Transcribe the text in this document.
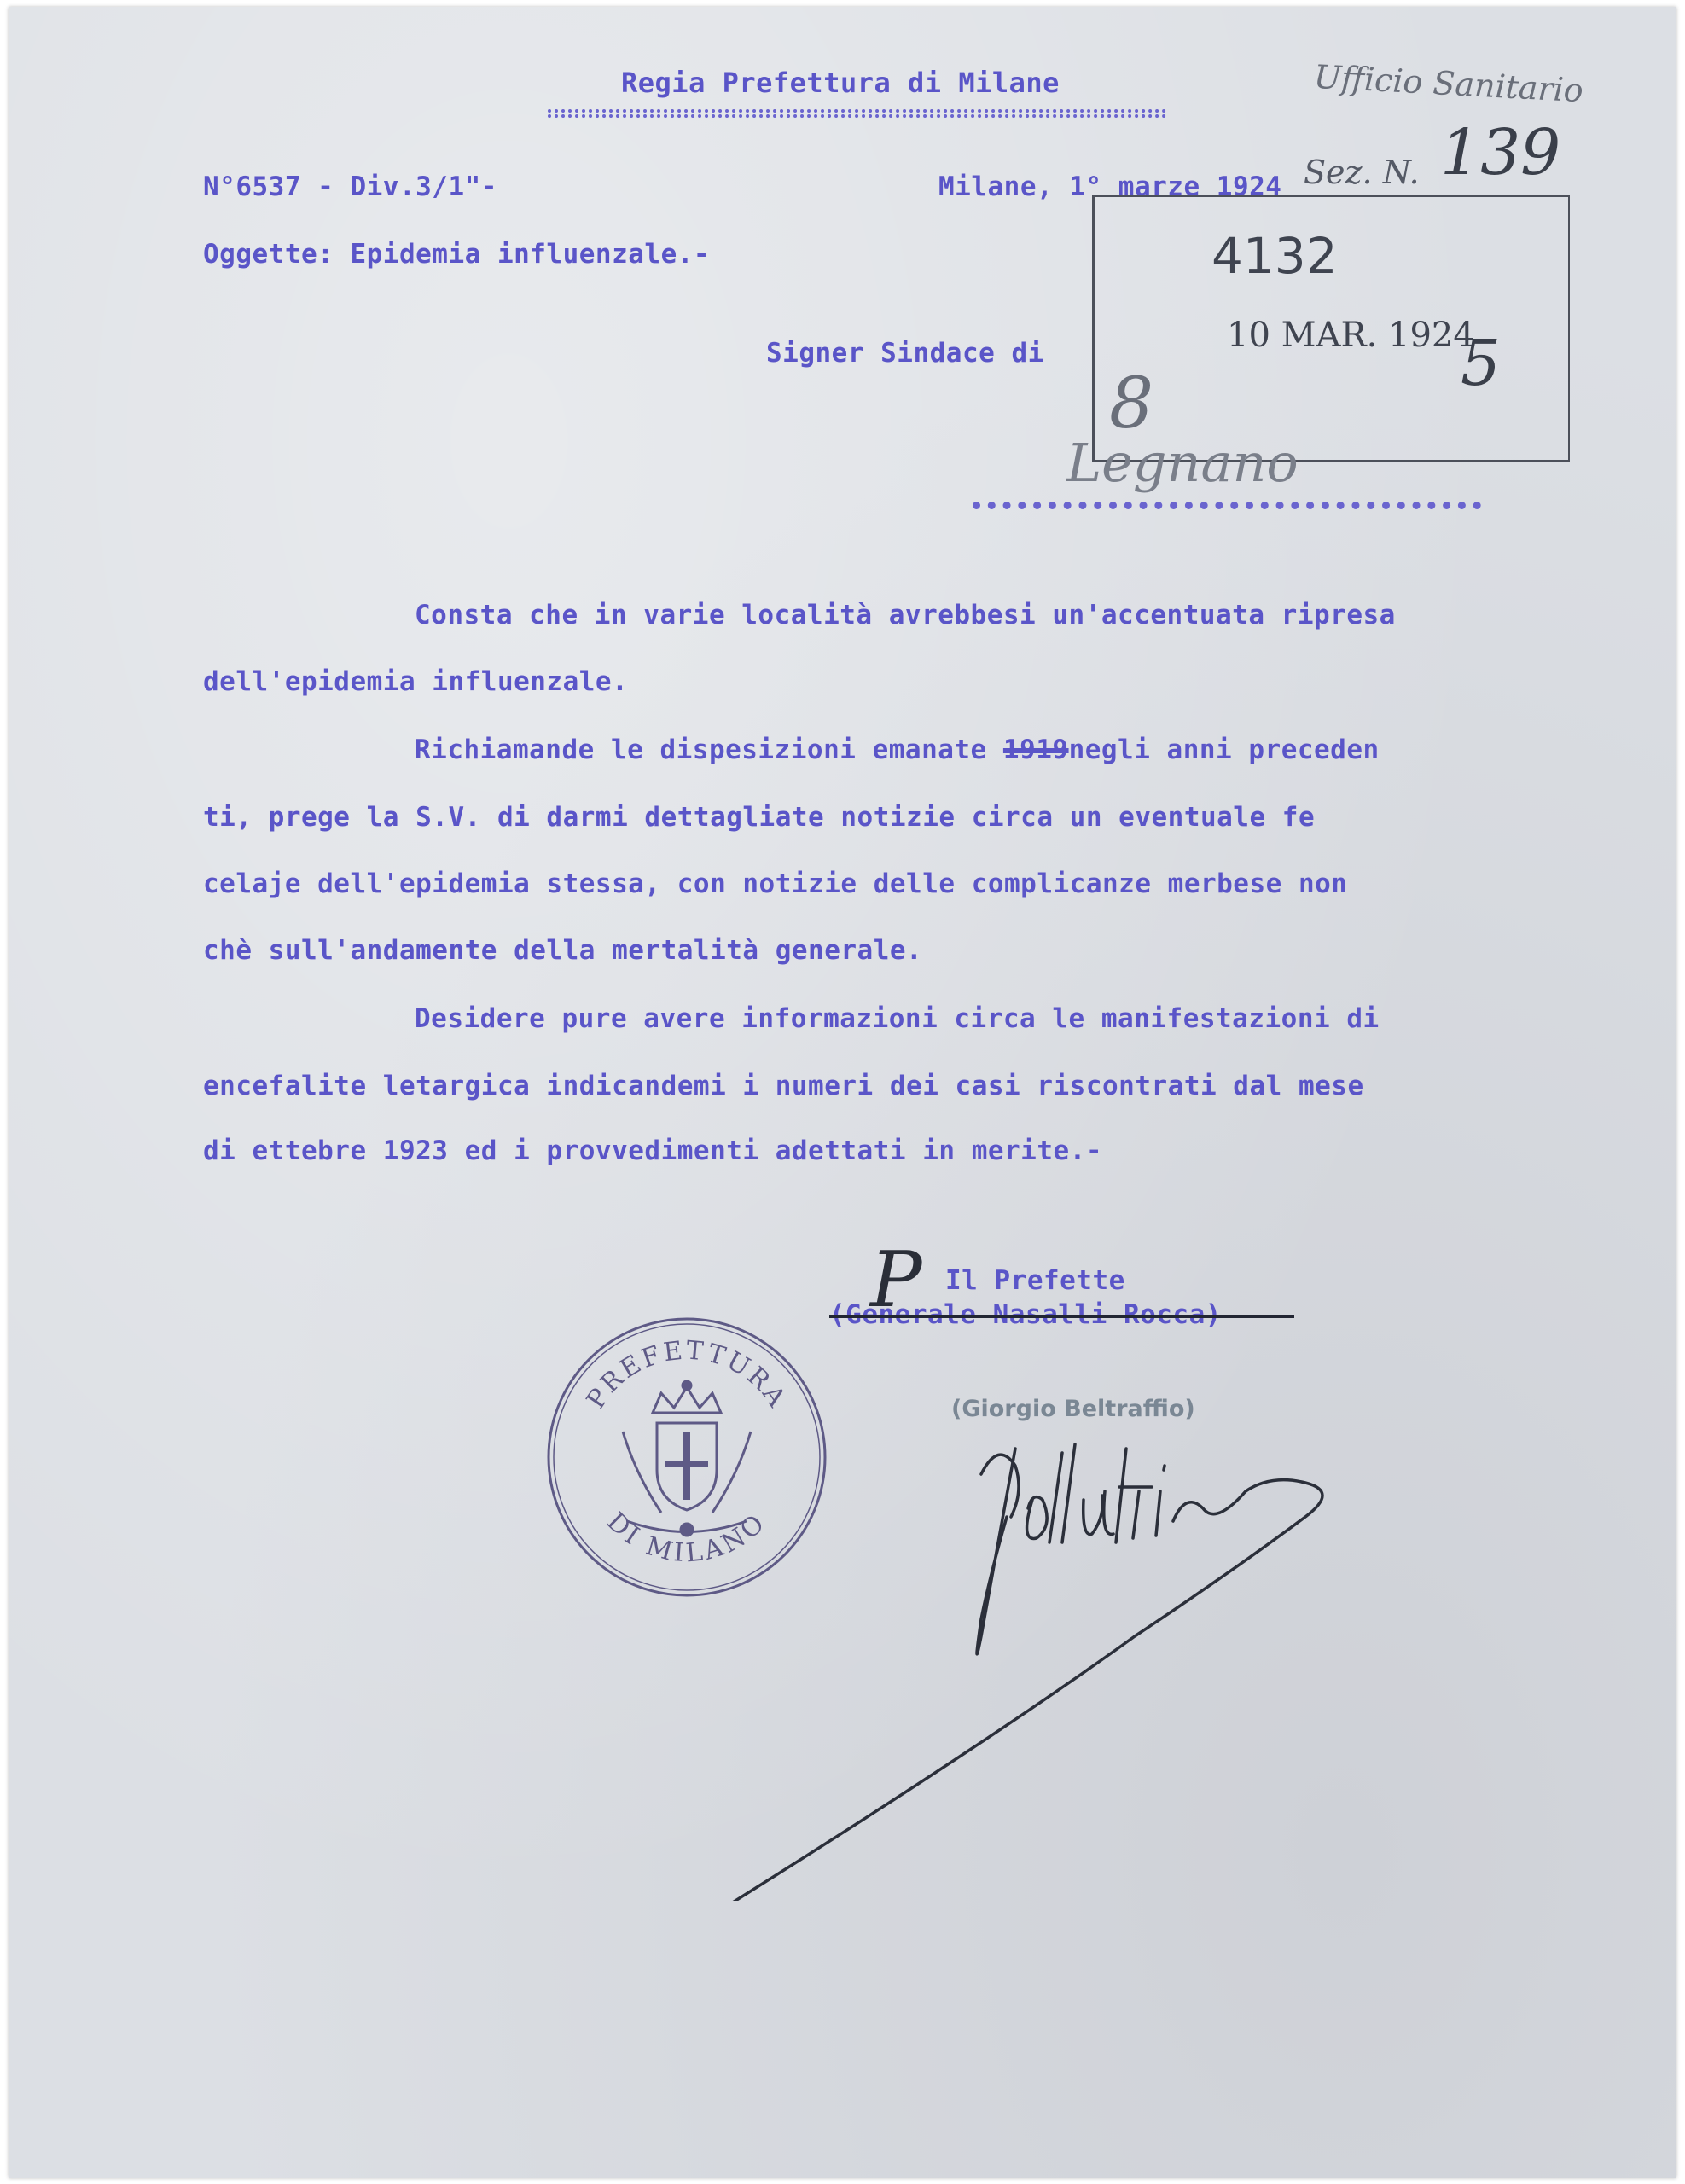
Regia Prefettura di Milane	Ufficio Sanitario
N°6537 - Div.3/1"-	Milane, 1° marze 1924 Sez. N. 139
Oggette: Epidemia influenzale.-	4132
10 MAR. 1924
5
Signer Sindace di
8
Legnano
Consta che in varie località avrebbesi un'accentuata ripresa
dell'epidemia influenzale.
Richiamande le dispesizioni emanate 1919negli anni preceden
ti, prege la S.V. di darmi dettagliate notizie circa un eventuale fe
celaje dell'epidemia stessa, con notizie delle complicanze merbese non
chè sull'andamente della mertalità generale.
Desidere pure avere informazioni circa le manifestazioni di
encefalite letargica indicandemi i numeri dei casi riscontrati dal mese
di ettebre 1923 ed i provvedimenti adettati in merite.-
P Il Prefette
(Generale Nasalli Rocca)
(Giorgio Beltraffio)
PREFETTURA
DI MILANO
